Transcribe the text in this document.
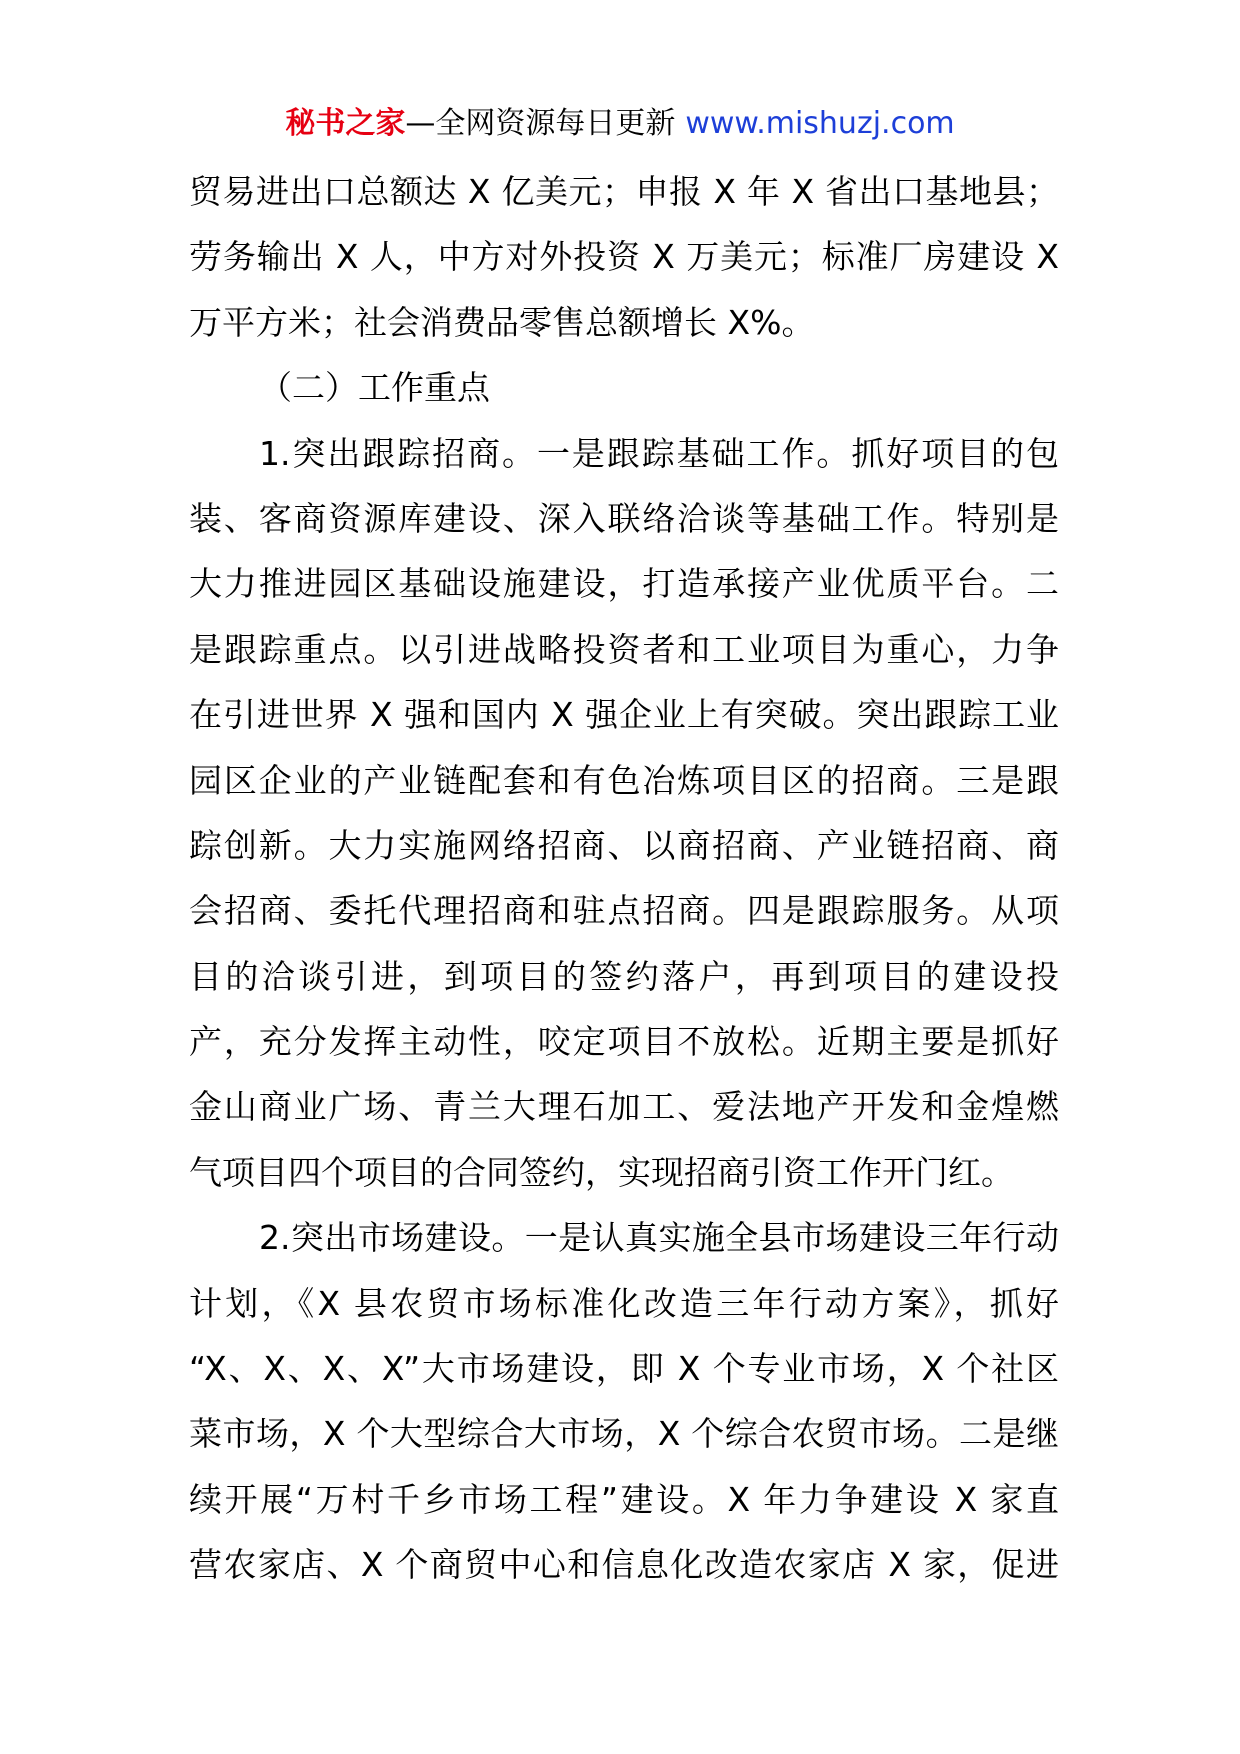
秘书之家—全网资源每日更新 www.mishuzj.com
贸易进出口总额达 X 亿美元；申报 X 年 X 省出口基地县；
劳务输出 X 人，中方对外投资 X 万美元；标准厂房建设 X
万平方米；社会消费品零售总额增长 X%。
（二）工作重点
1.突出跟踪招商。一是跟踪基础工作。抓好项目的包
装、客商资源库建设、深入联络洽谈等基础工作。特别是
大力推进园区基础设施建设，打造承接产业优质平台。二
是跟踪重点。以引进战略投资者和工业项目为重心，力争
在引进世界 X 强和国内 X 强企业上有突破。突出跟踪工业
园区企业的产业链配套和有色冶炼项目区的招商。三是跟
踪创新。大力实施网络招商、以商招商、产业链招商、商
会招商、委托代理招商和驻点招商。四是跟踪服务。从项
目的洽谈引进，到项目的签约落户，再到项目的建设投
产，充分发挥主动性，咬定项目不放松。近期主要是抓好
金山商业广场、青兰大理石加工、爱法地产开发和金煌燃
气项目四个项目的合同签约，实现招商引资工作开门红。
2.突出市场建设。一是认真实施全县市场建设三年行动
计划，《X 县农贸市场标准化改造三年行动方案》，抓好
“X、X、X、X”大市场建设，即 X 个专业市场，X 个社区
菜市场，X 个大型综合大市场，X 个综合农贸市场。二是继
续开展“万村千乡市场工程”建设。X 年力争建设 X 家直
营农家店、X 个商贸中心和信息化改造农家店 X 家，促进
